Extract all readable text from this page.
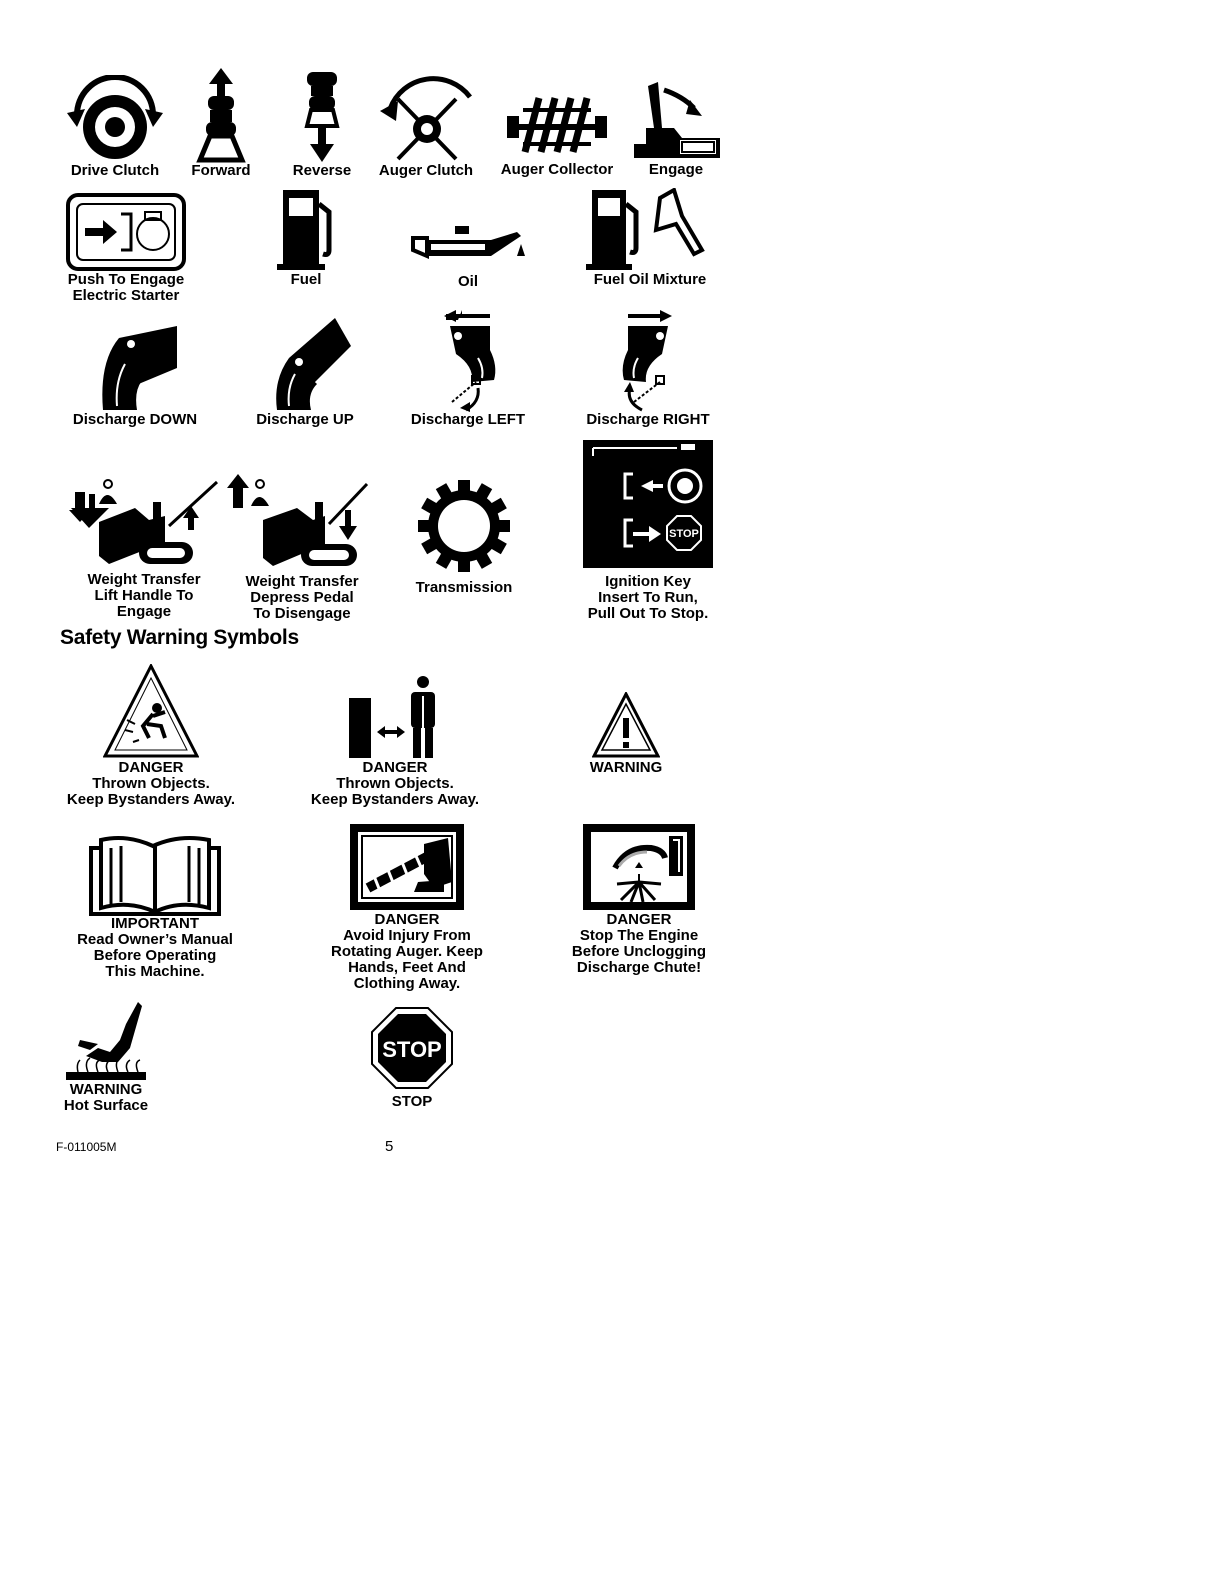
Drive Clutch	Forward	Reverse	Auger Clutch	Auger Collector	Engage
Push To Engage
Electric Starter
Fuel	Oil	Fuel Oil Mixture
Discharge DOWN	Discharge UP	Discharge LEFT	Discharge RIGHT
Weight Transfer
Lift Handle To
Engage
Weight Transfer
Depress Pedal
To Disengage
Transmission
STOP
Ignition Key
Insert To Run,
Pull Out To Stop.
Safety Warning Symbols
DANGER
Thrown Objects.
Keep Bystanders Away.
DANGER
Thrown Objects.
Keep Bystanders Away.
WARNING
IMPORTANT
Read Owner’s Manual
Before Operating
This Machine.
DANGER
Avoid Injury From
Rotating Auger. Keep
Hands, Feet And
Clothing Away.
DANGER
Stop The Engine
Before Unclogging
Discharge Chute!
WARNING
Hot Surface
STOP
STOP
F-011005M	5
